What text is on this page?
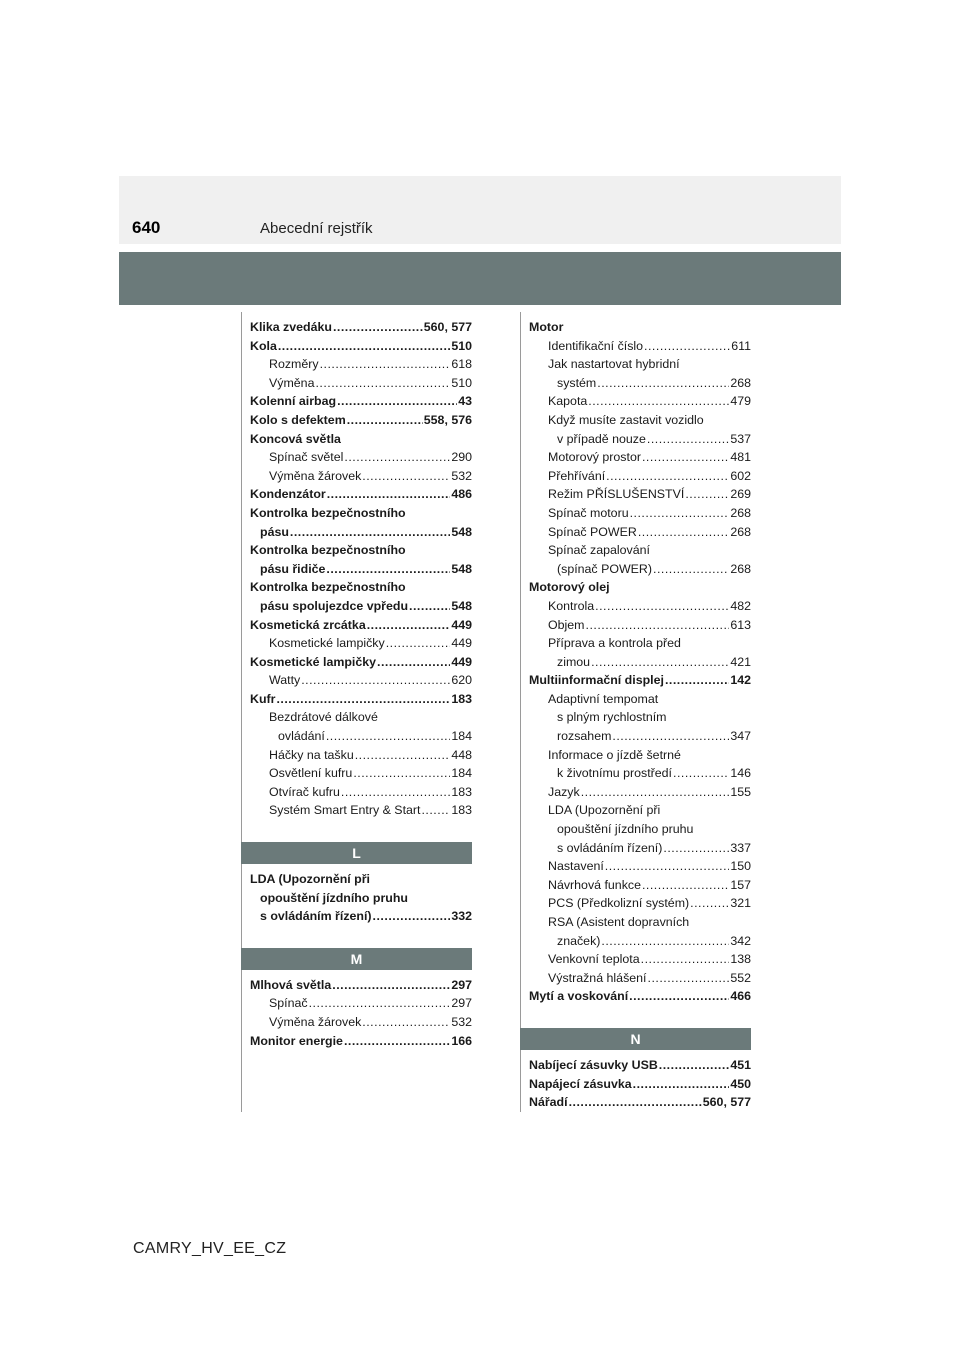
640	Abecední rejstřík
Klika zvedáku .....	560, 577
Kola .....	510
Rozměry .....	618
Výměna .....	510
Kolenní airbag .....	43
Kolo s defektem .....	558, 576
Koncová světla
Spínač světel .....	290
Výměna žárovek .....	532
Kondenzátor .....	486
Kontrolka bezpečnostního
pásu .....	548
Kontrolka bezpečnostního
pásu řidiče .....	548
Kontrolka bezpečnostního
pásu spolujezdce vpředu .....	548
Kosmetická zrcátka .....	449
Kosmetické lampičky .....	449
Kosmetické lampičky .....	449
Watty .....	620
Kufr .....	183
Bezdrátové dálkové
ovládání .....	184
Háčky na tašku .....	448
Osvětlení kufru .....	184
Otvírač kufru .....	183
Systém Smart Entry & Start ..... 183
L
LDA (Upozornění při
opouštění jízdního pruhu
s ovládáním řízení) .....	332
M
Mlhová světla .....	297
Spínač .....	297
Výměna žárovek .....	532
Monitor energie .....	166
Motor
Identifikační číslo .....	611
Jak nastartovat hybridní
systém .....	268
Kapota .....	479
Když musíte zastavit vozidlo
v případě nouze .....	537
Motorový prostor .....	481
Přehřívání .....	602
Režim PŘÍSLUŠENSTVÍ .....	269
Spínač motoru .....	268
Spínač POWER .....	268
Spínač zapalování
(spínač POWER) .....	268
Motorový olej
Kontrola .....	482
Objem .....	613
Příprava a kontrola před
zimou .....	421
Multiinformační displej .....	142
Adaptivní tempomat
s plným rychlostním
rozsahem .....	347
Informace o jízdě šetrné
k životnímu prostředí .....	146
Jazyk .....	155
LDA (Upozornění při
opouštění jízdního pruhu
s ovládáním řízení) .....	337
Nastavení .....	150
Návrhová funkce .....	157
PCS (Předkolizní systém) .....	321
RSA (Asistent dopravních
značek) .....	342
Venkovní teplota .....	138
Výstražná hlášení .....	552
Mytí a voskování .....	466
N
Nabíjecí zásuvky USB .....	451
Napájecí zásuvka .....	450
Nářadí .....	560, 577
CAMRY_HV_EE_CZ
